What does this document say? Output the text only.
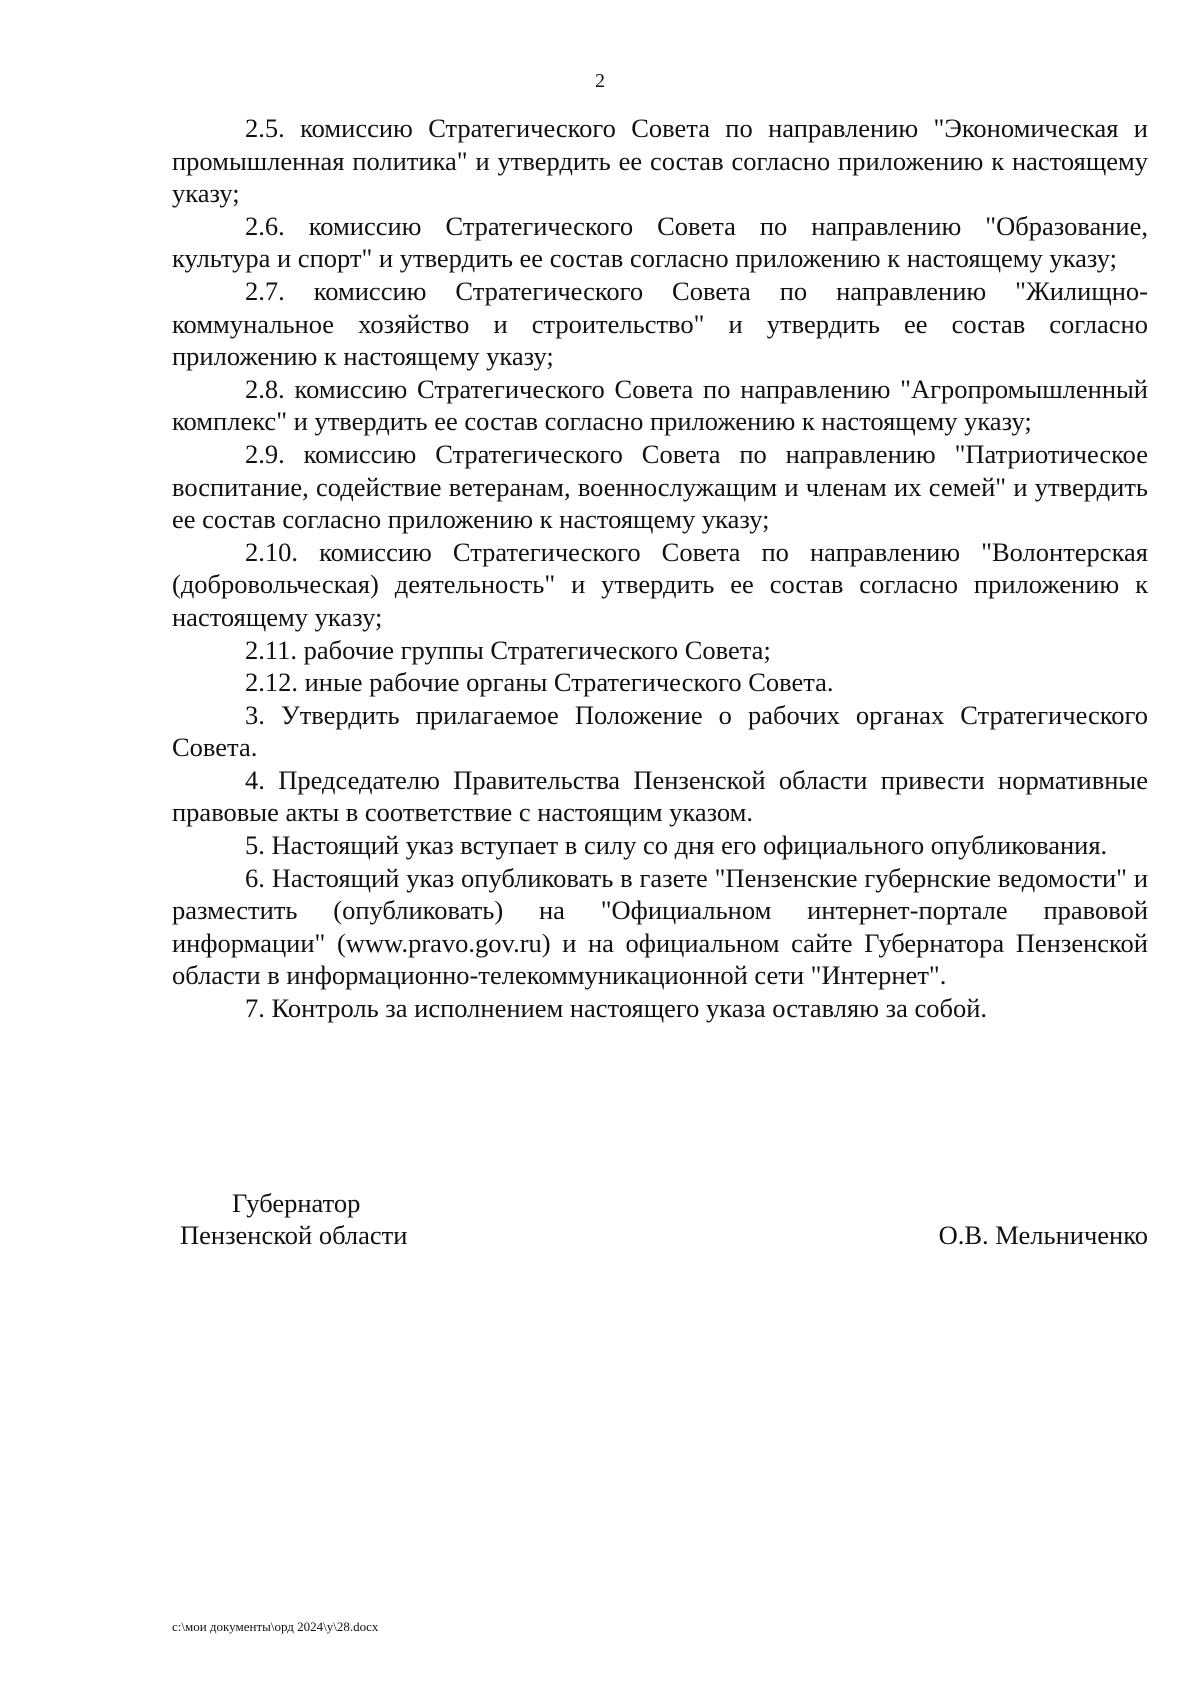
2

2.5. комиссию Стратегического Совета по направлению "Экономическая и промышленная политика" и утвердить ее состав согласно приложению к настоящему указу;

2.6. комиссию Стратегического Совета по направлению "Образование, культура и спорт" и утвердить ее состав согласно приложению к настоящему указу;

2.7. комиссию Стратегического Совета по направлению "Жилищно-коммунальное хозяйство и строительство" и утвердить ее состав согласно приложению к настоящему указу;

2.8. комиссию Стратегического Совета по направлению "Агропромышленный комплекс" и утвердить ее состав согласно приложению к настоящему указу;

2.9. комиссию Стратегического Совета по направлению "Патриотическое воспитание, содействие ветеранам, военнослужащим и членам их семей" и утвердить ее состав согласно приложению к настоящему указу;

2.10. комиссию Стратегического Совета по направлению "Волонтерская (добровольческая) деятельность" и утвердить ее состав согласно приложению к настоящему указу;

2.11. рабочие группы Стратегического Совета;

2.12. иные рабочие органы Стратегического Совета.

3. Утвердить прилагаемое Положение о рабочих органах Стратегического Совета.

4. Председателю Правительства Пензенской области привести нормативные правовые акты в соответствие с настоящим указом.

5. Настоящий указ вступает в силу со дня его официального опубликования.

6. Настоящий указ опубликовать в газете "Пензенские губернские ведомости" и разместить (опубликовать) на "Официальном интернет-портале правовой информации" (www.pravo.gov.ru) и на официальном сайте Губернатора Пензенской области в информационно-телекоммуникационной сети "Интернет".

7. Контроль за исполнением настоящего указа оставляю за собой.

Губернатор
Пензенской области	О.В. Мельниченко
c:\мои документы\орд 2024\у\28.docx
